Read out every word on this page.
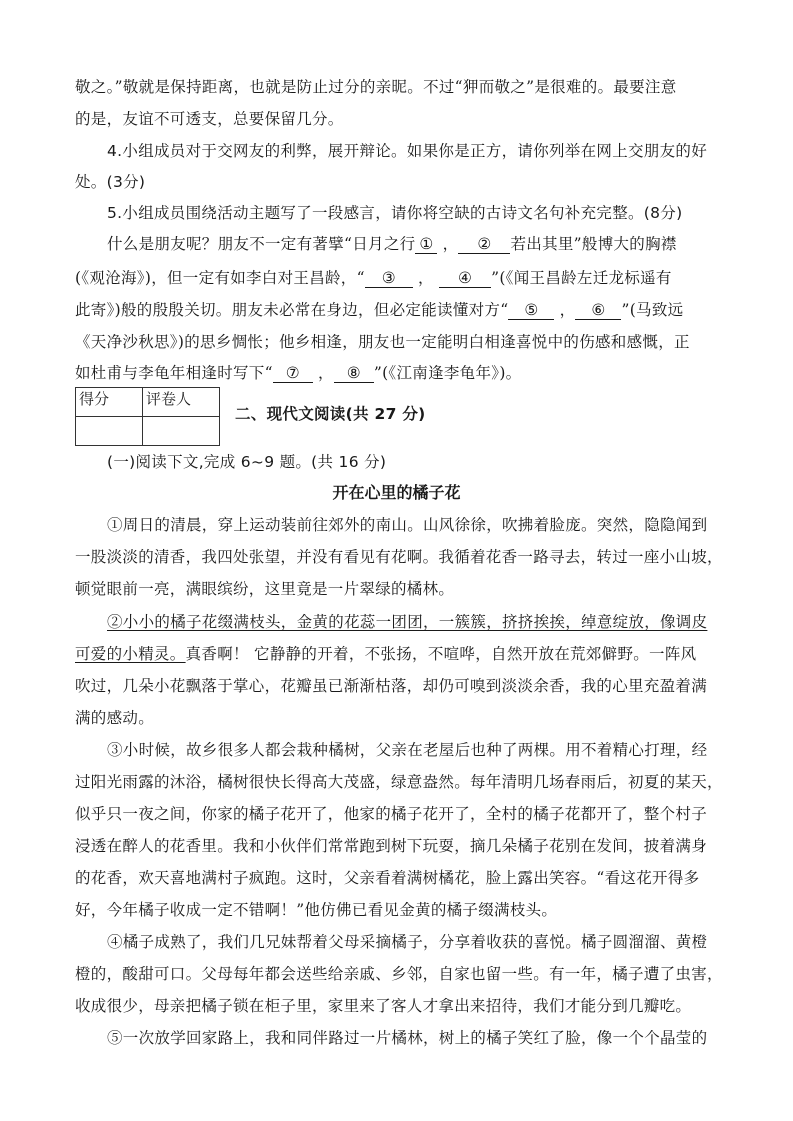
敬之。”敬就是保持距离，也就是防止过分的亲昵。不过“狎而敬之”是很难的。最要注意
的是，友谊不可透支，总要保留几分。
4.小组成员对于交网友的利弊，展开辩论。如果你是正方，请你列举在网上交朋友的好
处。(3分)
5.小组成员围绕活动主题写了一段感言，请你将空缺的古诗文名句补充完整。(8分)
什么是朋友呢？朋友不一定有著擘“日月之行 ① ， ② 若出其里”般博大的胸襟
(《观沧海》)，但一定有如李白对王昌龄，“ ③ ， ④ ”(《闻王昌龄左迁龙标遥有
此寄》)般的殷殷关切。朋友未必常在身边，但必定能读懂对方“ ⑤ ， ⑥ ”(马致远
《天净沙秋思》)的思乡惆怅；他乡相逢，朋友也一定能明白相逢喜悦中的伤感和感慨，正
如杜甫与李龟年相逢时写下“ ⑦ ， ⑧ ”(《江南逢李龟年》)。
得分	评卷人

二、现代文阅读(共 27 分)
(一)阅读下文,完成 6~9 题。(共 16 分)
开在心里的橘子花
①周日的清晨，穿上运动装前往郊外的南山。山风徐徐，吹拂着脸庞。突然，隐隐闻到
一股淡淡的清香，我四处张望，并没有看见有花啊。我循着花香一路寻去，转过一座小山坡，
顿觉眼前一亮，满眼缤纷，这里竟是一片翠绿的橘林。
②小小的橘子花缀满枝头，金黄的花蕊一团团，一簇簇，挤挤挨挨，绰意绽放，像调皮
可爱的小精灵。真香啊！ 它静静的开着，不张扬，不喧哗，自然开放在荒郊僻野。一阵风
吹过，几朵小花飘落于掌心，花瓣虽已渐渐枯落，却仍可嗅到淡淡余香，我的心里充盈着满
满的感动。
③小时候，故乡很多人都会栽种橘树，父亲在老屋后也种了两棵。用不着精心打理，经
过阳光雨露的沐浴，橘树很快长得高大茂盛，绿意盎然。每年清明几场春雨后，初夏的某天，
似乎只一夜之间，你家的橘子花开了，他家的橘子花开了，全村的橘子花都开了，整个村子
浸透在醉人的花香里。我和小伙伴们常常跑到树下玩耍，摘几朵橘子花别在发间，披着满身
的花香，欢天喜地满村子疯跑。这时，父亲看着满树橘花，脸上露出笑容。“看这花开得多
好，今年橘子收成一定不错啊！”他仿佛已看见金黄的橘子缀满枝头。
④橘子成熟了，我们几兄妹帮着父母采摘橘子，分享着收获的喜悦。橘子圆溜溜、黄橙
橙的，酸甜可口。父母每年都会送些给亲戚、乡邻，自家也留一些。有一年，橘子遭了虫害，
收成很少，母亲把橘子锁在柜子里，家里来了客人才拿出来招待，我们才能分到几瓣吃。
⑤一次放学回家路上，我和同伴路过一片橘林，树上的橘子笑红了脸，像一个个晶莹的
